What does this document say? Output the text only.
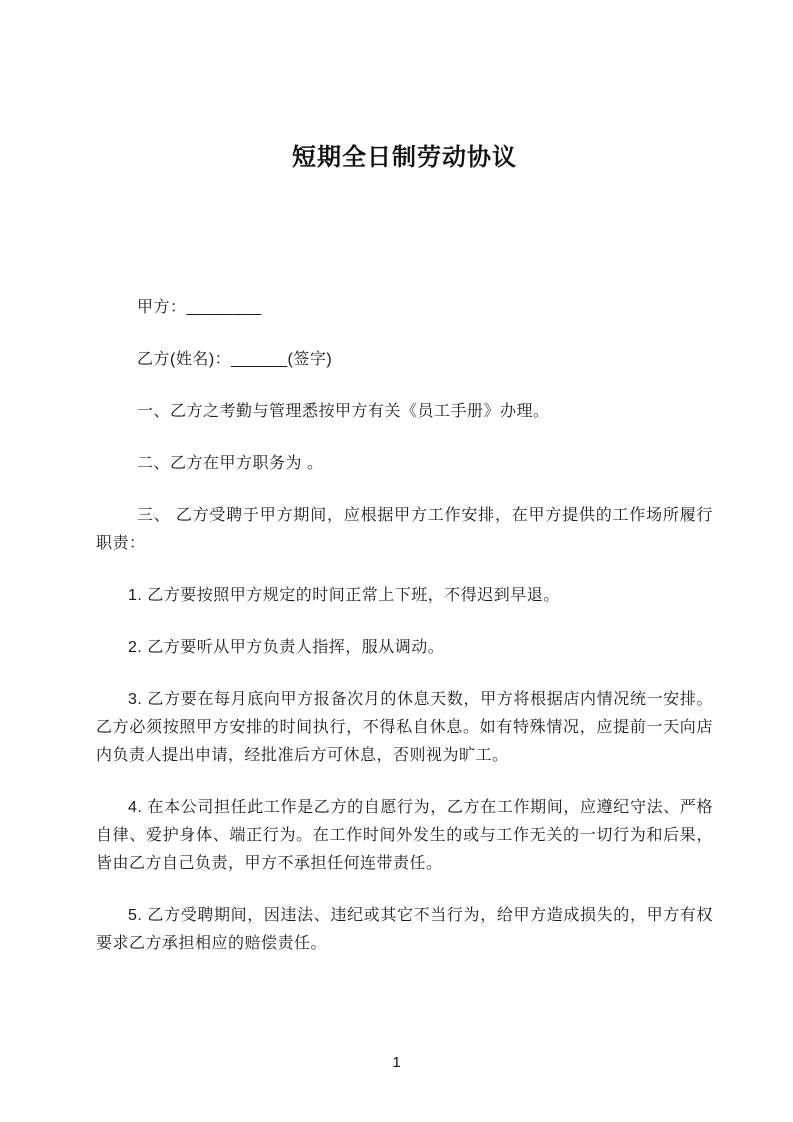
短期全日制劳动协议

甲方：________

乙方(姓名)：______(签字)

一、乙方之考勤与管理悉按甲方有关《员工手册》办理。

二、乙方在甲方职务为 。

三、 乙方受聘于甲方期间，应根据甲方工作安排，在甲方提供的工作场所履行职责：

1. 乙方要按照甲方规定的时间正常上下班，不得迟到早退。

2. 乙方要听从甲方负责人指挥，服从调动。

3. 乙方要在每月底向甲方报备次月的休息天数，甲方将根据店内情况统一安排。乙方必须按照甲方安排的时间执行，不得私自休息。如有特殊情况，应提前一天向店内负责人提出申请，经批准后方可休息，否则视为旷工。

4. 在本公司担任此工作是乙方的自愿行为，乙方在工作期间，应遵纪守法、严格自律、爱护身体、端正行为。在工作时间外发生的或与工作无关的一切行为和后果，皆由乙方自己负责，甲方不承担任何连带责任。

5. 乙方受聘期间，因违法、违纪或其它不当行为，给甲方造成损失的，甲方有权要求乙方承担相应的赔偿责任。

1
